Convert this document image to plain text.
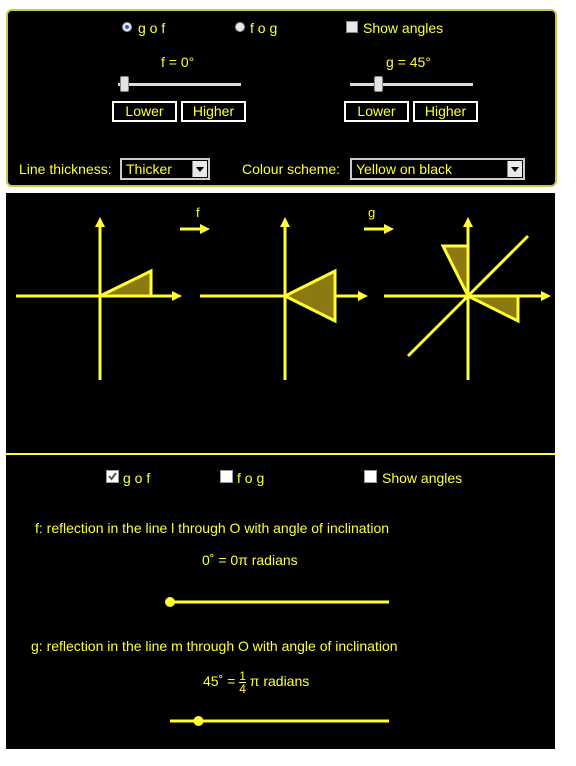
g o f	f o g	Show angles
f = 0°
Lower	Higher
g = 45°
Lower	Higher
Line thickness:	Thicker	Colour scheme:	Yellow on black
f	g
g o f	f o g	Show angles
f: reflection in the line l through O with angle of inclination
0˚ = 0π radians
g: reflection in the line m through O with angle of inclination
45˚ = $\frac{1}{4}$ π radians
